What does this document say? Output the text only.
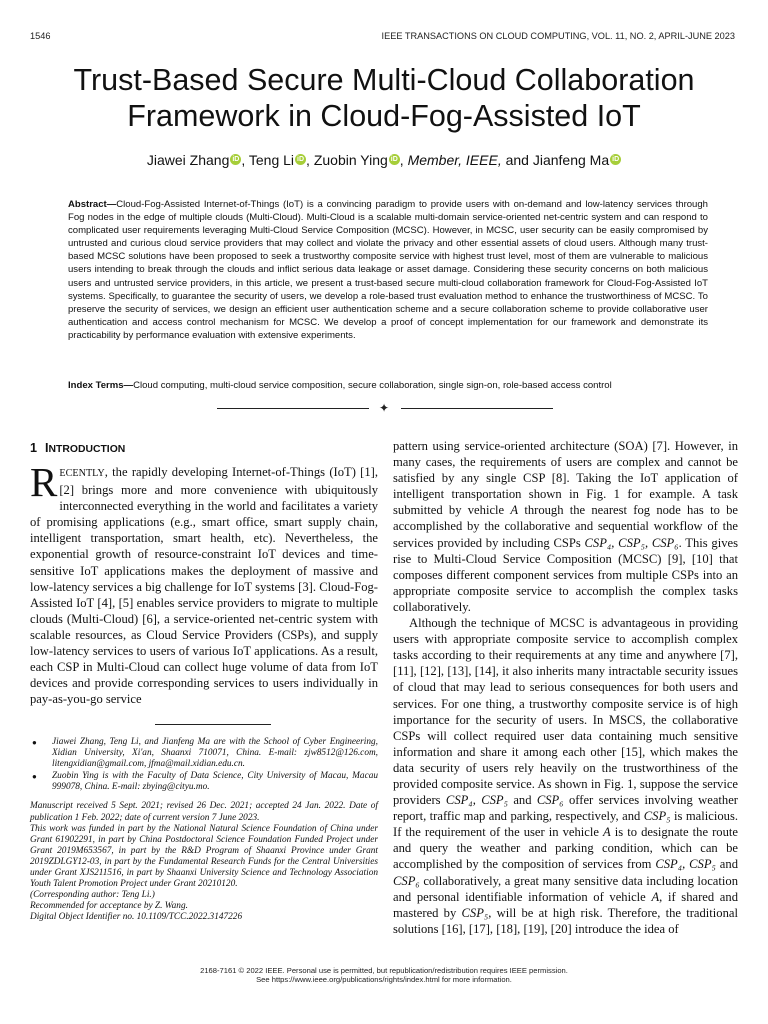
1546	IEEE TRANSACTIONS ON CLOUD COMPUTING, VOL. 11, NO. 2, APRIL-JUNE 2023
Trust-Based Secure Multi-Cloud Collaboration
Framework in Cloud-Fog-Assisted IoT
Jiawei Zhang iD , Teng Li iD , Zuobin Ying iD , Member, IEEE, and Jianfeng Ma iD
Abstract—Cloud-Fog-Assisted Internet-of-Things (IoT) is a convincing paradigm to provide users with on-demand and low-latency services through Fog nodes in the edge of multiple clouds (Multi-Cloud). Multi-Cloud is a scalable multi-domain service-oriented net-centric system and can respond to complicated user requirements leveraging Multi-Cloud Service Composition (MCSC). However, in MCSC, user security can be easily compromised by untrusted and curious cloud service providers that may collect and violate the privacy and other essential assets of cloud users. Although many trust-based MCSC solutions have been proposed to seek a trustworthy composite service with highest trust level, most of them are vulnerable to malicious users intending to break through the clouds and inflict serious data leakage or asset damage. Considering these security concerns on both malicious users and untrusted service providers, in this article, we present a trust-based secure multi-cloud collaboration framework for Cloud-Fog-Assisted IoT systems. Specifically, to guarantee the security of users, we develop a role-based trust evaluation method to enhance the trustworthiness of MCSC. To preserve the security of services, we design an efficient user authentication scheme and a secure collaboration scheme to provide collaborative user authentication and access control mechanism for MCSC. We develop a proof of concept implementation for our framework and demonstrate its practicability by performance evaluation with extensive experiments.
Index Terms—Cloud computing, multi-cloud service composition, secure collaboration, single sign-on, role-based access control
✦
1 INTRODUCTION
RECENTLY, the rapidly developing Internet-of-Things (IoT) [1], [2] brings more and more convenience with ubiquitously interconnected everything in the world and facilitates a variety of promising applications (e.g., smart office, smart supply chain, intelligent transportation, smart health, etc). Nevertheless, the exponential growth of resource-constraint IoT devices and time-sensitive IoT applications makes the deployment of massive and low-latency services a big challenge for IoT systems [3]. Cloud-Fog-Assisted IoT [4], [5] enables service providers to migrate to multiple clouds (Multi-Cloud) [6], a service-oriented net-centric system with scalable resources, as Cloud Service Providers (CSPs), and supply low-latency services to users of various IoT applications. As a result, each CSP in Multi-Cloud can collect huge volume of data from IoT devices and provide corresponding services to users individually in pay-as-you-go service
●	Jiawei Zhang, Teng Li, and Jianfeng Ma are with the School of Cyber Engineering, Xidian University, Xi'an, Shaanxi 710071, China. E-mail: zjw8512@126.com, litengxidian@gmail.com, jfma@mail.xidian.edu.cn.
●	Zuobin Ying is with the Faculty of Data Science, City University of Macau, Macau 999078, China. E-mail: zbying@cityu.mo.
Manuscript received 5 Sept. 2021; revised 26 Dec. 2021; accepted 24 Jan. 2022. Date of publication 1 Feb. 2022; date of current version 7 June 2023.
This work was funded in part by the National Natural Science Foundation of China under Grant 61902291, in part by China Postdoctoral Science Foundation Funded Project under Grant 2019M653567, in part by the R&D Program of Shaanxi Province under Grant 2019ZDLGY12-03, in part by the Fundamental Research Funds for the Central Universities under Grant XJS211516, in part by Shaanxi University Science and Technology Association Youth Talent Promotion Project under Grant 20210120.
(Corresponding author: Teng Li.)
Recommended for acceptance by Z. Wang.
Digital Object Identifier no. 10.1109/TCC.2022.3147226
pattern using service-oriented architecture (SOA) [7]. However, in many cases, the requirements of users are complex and cannot be satisfied by any single CSP [8]. Taking the IoT application of intelligent transportation shown in Fig. 1 for example. A task submitted by vehicle A through the nearest fog node has to be accomplished by the collaborative and sequential workflow of the services provided by including CSPs CSP₄, CSP₅, CSP₆. This gives rise to Multi-Cloud Service Composition (MCSC) [9], [10] that composes different component services from multiple CSPs into an appropriate composite service to accomplish the complex tasks collaboratively.
Although the technique of MCSC is advantageous in providing users with appropriate composite service to accomplish complex tasks according to their requirements at any time and anywhere [7], [11], [12], [13], [14], it also inherits many intractable security issues of cloud that may lead to serious consequences for both users and services. For one thing, a trustworthy composite service is of high importance for the security of users. In MSCS, the collaborative CSPs will collect required user data containing much sensitive information and share it among each other [15], which makes the data security of users rely heavily on the trustworthiness of the provided composite service. As shown in Fig. 1, suppose the service providers CSP₄, CSP₅ and CSP₆ offer services involving weather report, traffic map and parking, respectively, and CSP₅ is malicious. If the requirement of the user in vehicle A is to designate the route and query the weather and parking condition, which can be accomplished by the composition of services from CSP₄, CSP₅ and CSP₆ collaboratively, a great many sensitive data including location and personal identifiable information of vehicle A, if shared and mastered by CSP₅, will be at high risk. Therefore, the traditional solutions [16], [17], [18], [19], [20] introduce the idea of
2168-7161 © 2022 IEEE. Personal use is permitted, but republication/redistribution requires IEEE permission.
See https://www.ieee.org/publications/rights/index.html for more information.
